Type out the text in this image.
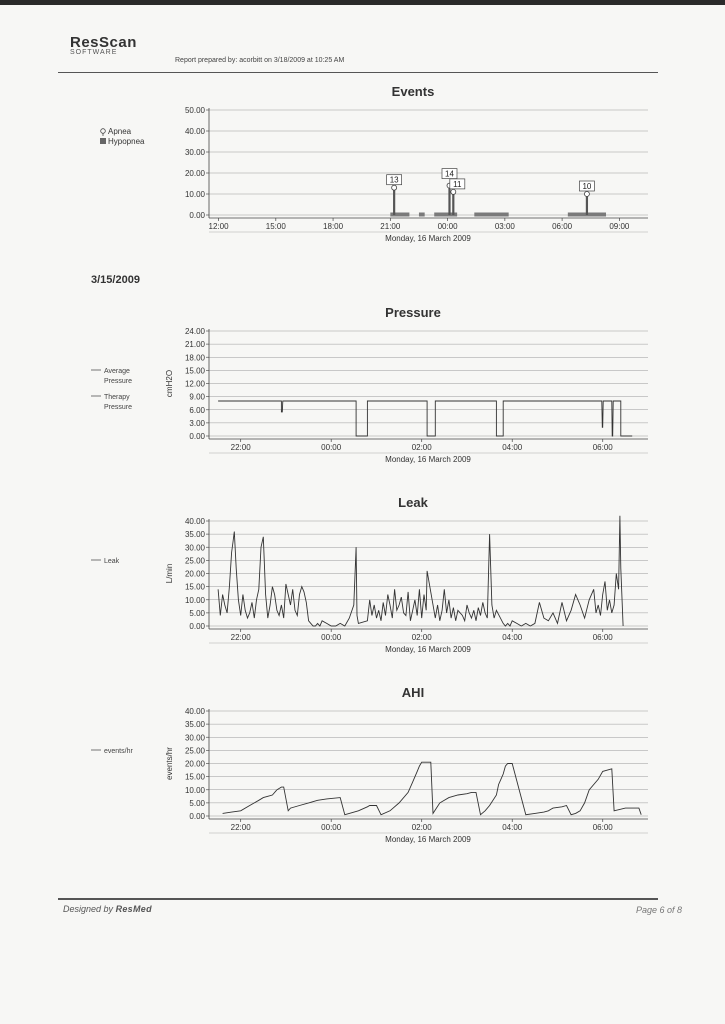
ResScan
SOFTWARE
Report prepared by: acorbitt on 3/18/2009 at 10:25 AM
Events
50.00
40.00
30.00
20.00
10.00
0.00
12:00	15:00	18:00	21:00	00:00	03:00	06:00	09:00
Monday, 16 March 2009
Apnea
Hypopnea
13
14
11	10
3/15/2009
Pressure
24.00
21.00
18.00
15.00
12.00
9.00
6.00
3.00
0.00
22:00	00:00	02:00	04:00	06:00
Monday, 16 March 2009
cmH2O
Average
Pressure
Therapy
Pressure
Leak
40.00
35.00
30.00
25.00
20.00
15.00
10.00
5.00
0.00
22:00	00:00	02:00	04:00	06:00
Monday, 16 March 2009
L/min
Leak
AHI
40.00
35.00
30.00
25.00
20.00
15.00
10.00
5.00
0.00
22:00	00:00	02:00	04:00	06:00
Monday, 16 March 2009
events/hr
events/hr
Designed by ResMed	Page 6 of 8
